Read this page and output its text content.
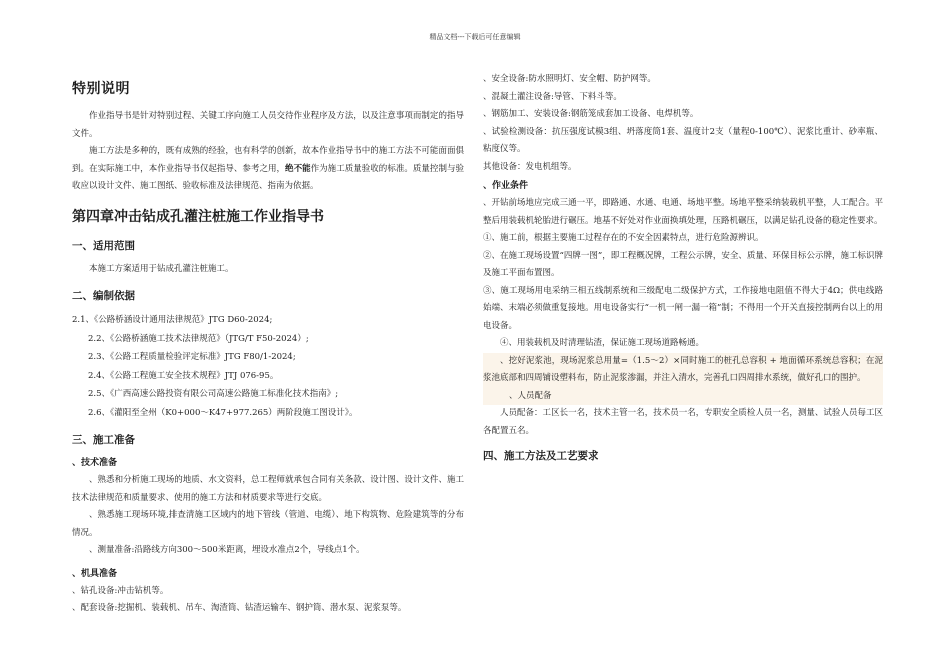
精品文档---下载后可任意编辑
特别说明

作业指导书是针对特别过程、关键工序向施工人员交待作业程序及方法，以及注意事项而制定的指导文件。

施工方法是多种的，既有成熟的经验，也有科学的创新，故本作业指导书中的施工方法不可能面面俱到。在实际施工中，本作业指导书仅起指导、参考之用，绝不能作为施工质量验收的标准。质量控制与验收应以设计文件、施工图纸、验收标准及法律规范、指南为依据。

第四章冲击钻成孔灌注桩施工作业指导书
一、适用范围

本施工方案适用于钻成孔灌注桩施工。

二、编制依据
2.1、《公路桥涵设计通用法律规范》JTG D60-2024;
2.2、《公路桥涵施工技术法律规范》（JTG/T F50-2024）;
2.3、《公路工程质量检验评定标准》JTG F80/1-2024;
2.4、《公路工程施工安全技术规程》JTJ 076-95。
2.5、《广西高速公路投资有限公司高速公路施工标准化技术指南》;
2.6、《灌阳至全州（K0+000～K47+977.265）两阶段施工图设计》。
三、施工准备
、技术准备

、熟悉和分析施工现场的地质、水文资料，总工程师就承包合同有关条款、设计图、设计文件、施工技术法律规范和质量要求、使用的施工方法和材质要求等进行交底。

、熟悉施工现场环境,排查清施工区域内的地下管线（管道、电缆）、地下构筑物、危险建筑等的分布情况。

、测量准备:沿路线方向300～500米距离，埋设水准点2个，导线点1个。

、机具准备
、钻孔设备:冲击钻机等。
、配套设备:挖掘机、装载机、吊车、淘渣筒、钻渣运输车、钢护筒、潜水泵、泥浆泵等。
、安全设备:防水照明灯、安全帽、防护网等。
、混凝土灌注设备:导管、下料斗等。
、钢筋加工、安装设备:钢筋笼成套加工设备、电焊机等。
、试验检测设备：抗压强度试模3组、坍落度筒1套、温度计2支（量程0-100℃）、泥浆比重计、砂率瓶、粘度仪等。
其他设备：发电机组等。
、作业条件

、开钻前场地应完成三通一平，即路通、水通、电通、场地平整。场地平整采纳装载机平整，人工配合。平整后用装载机轮胎进行碾压。地基不好处对作业面换填处理，压路机碾压，以满足钻孔设备的稳定性要求。

①、施工前，根据主要施工过程存在的不安全因素特点，进行危险源辨识。

②、在施工现场设置“四牌一图”，即工程概况牌，工程公示牌，安全、质量、环保目标公示牌，施工标识牌及施工平面布置图。

③、施工现场用电采纳三相五线制系统和三级配电二级保护方式，工作接地电阻值不得大于4Ω；供电线路始端、末端必须做重复接地。用电设备实行“一机一闸一漏一箱”制；不得用一个开关直接控制两台以上的用电设备。

④、用装载机及时清理钻渣，保证施工现场道路畅通。

、挖好泥浆池，现场泥浆总用量=（1.5～2）×同时施工的桩孔总容积 + 地面循环系统总容积；在泥浆池底部和四周铺设塑料布，防止泥浆渗漏，并注入清水，完善孔口四周排水系统，做好孔口的围护。

、人员配备

人员配备：工区长一名，技术主管一名，技术员一名，专职安全质检人员一名，测量、试验人员每工区各配置五名。

四、施工方法及工艺要求
